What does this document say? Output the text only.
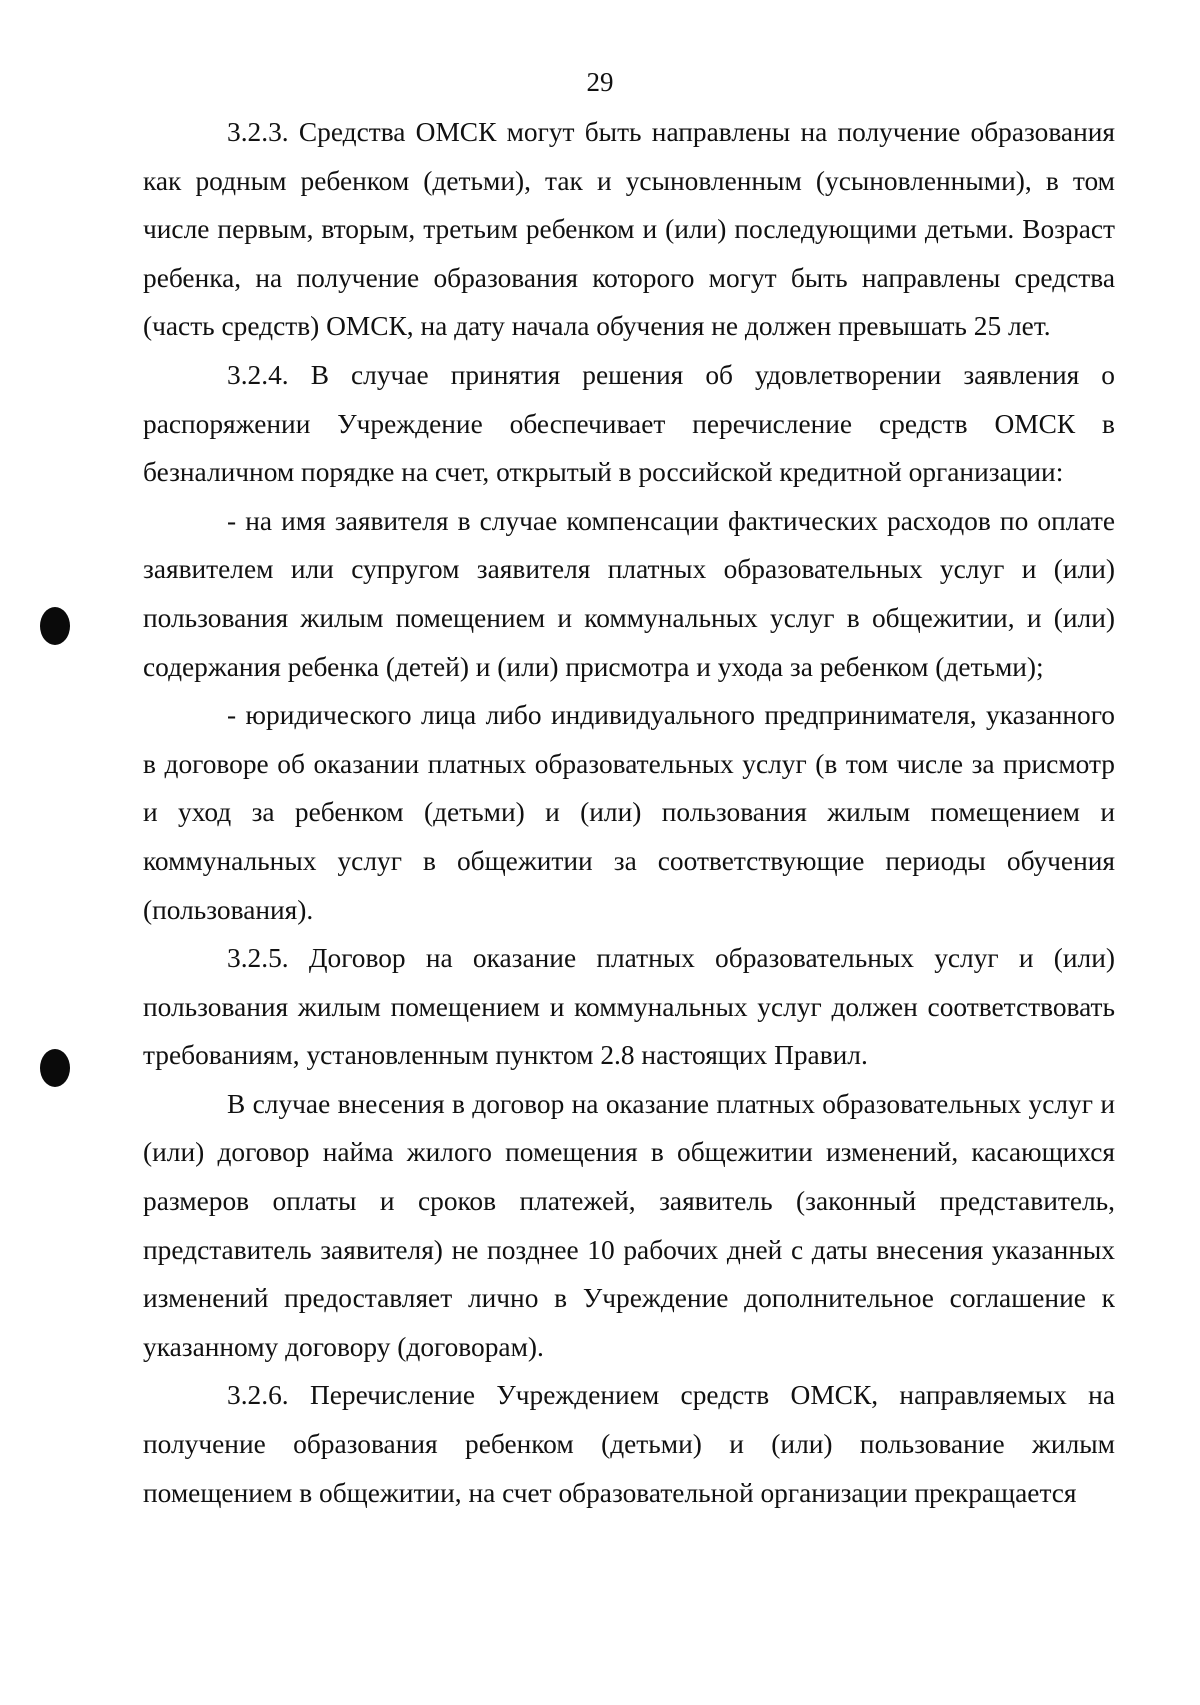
29

3.2.3. Средства ОМСК могут быть направлены на получение образования как родным ребенком (детьми), так и усыновленным (усыновленными), в том числе первым, вторым, третьим ребенком и (или) последующими детьми. Возраст ребенка, на получение образования которого могут быть направлены средства (часть средств) ОМСК, на дату начала обучения не должен превышать 25 лет.

3.2.4. В случае принятия решения об удовлетворении заявления о распоряжении Учреждение обеспечивает перечисление средств ОМСК в безналичном порядке на счет, открытый в российской кредитной организации:

- на имя заявителя в случае компенсации фактических расходов по оплате заявителем или супругом заявителя платных образовательных услуг и (или) пользования жилым помещением и коммунальных услуг в общежитии, и (или) содержания ребенка (детей) и (или) присмотра и ухода за ребенком (детьми);

- юридического лица либо индивидуального предпринимателя, указанного в договоре об оказании платных образовательных услуг (в том числе за присмотр и уход за ребенком (детьми) и (или) пользования жилым помещением и коммунальных услуг в общежитии за соответствующие периоды обучения (пользования).

3.2.5. Договор на оказание платных образовательных услуг и (или) пользования жилым помещением и коммунальных услуг должен соответствовать требованиям, установленным пунктом 2.8 настоящих Правил.

В случае внесения в договор на оказание платных образовательных услуг и (или) договор найма жилого помещения в общежитии изменений, касающихся размеров оплаты и сроков платежей, заявитель (законный представитель, представитель заявителя) не позднее 10 рабочих дней с даты внесения указанных изменений предоставляет лично в Учреждение дополнительное соглашение к указанному договору (договорам).

3.2.6. Перечисление Учреждением средств ОМСК, направляемых на получение образования ребенком (детьми) и (или) пользование жилым помещением в общежитии, на счет образовательной организации прекращается
